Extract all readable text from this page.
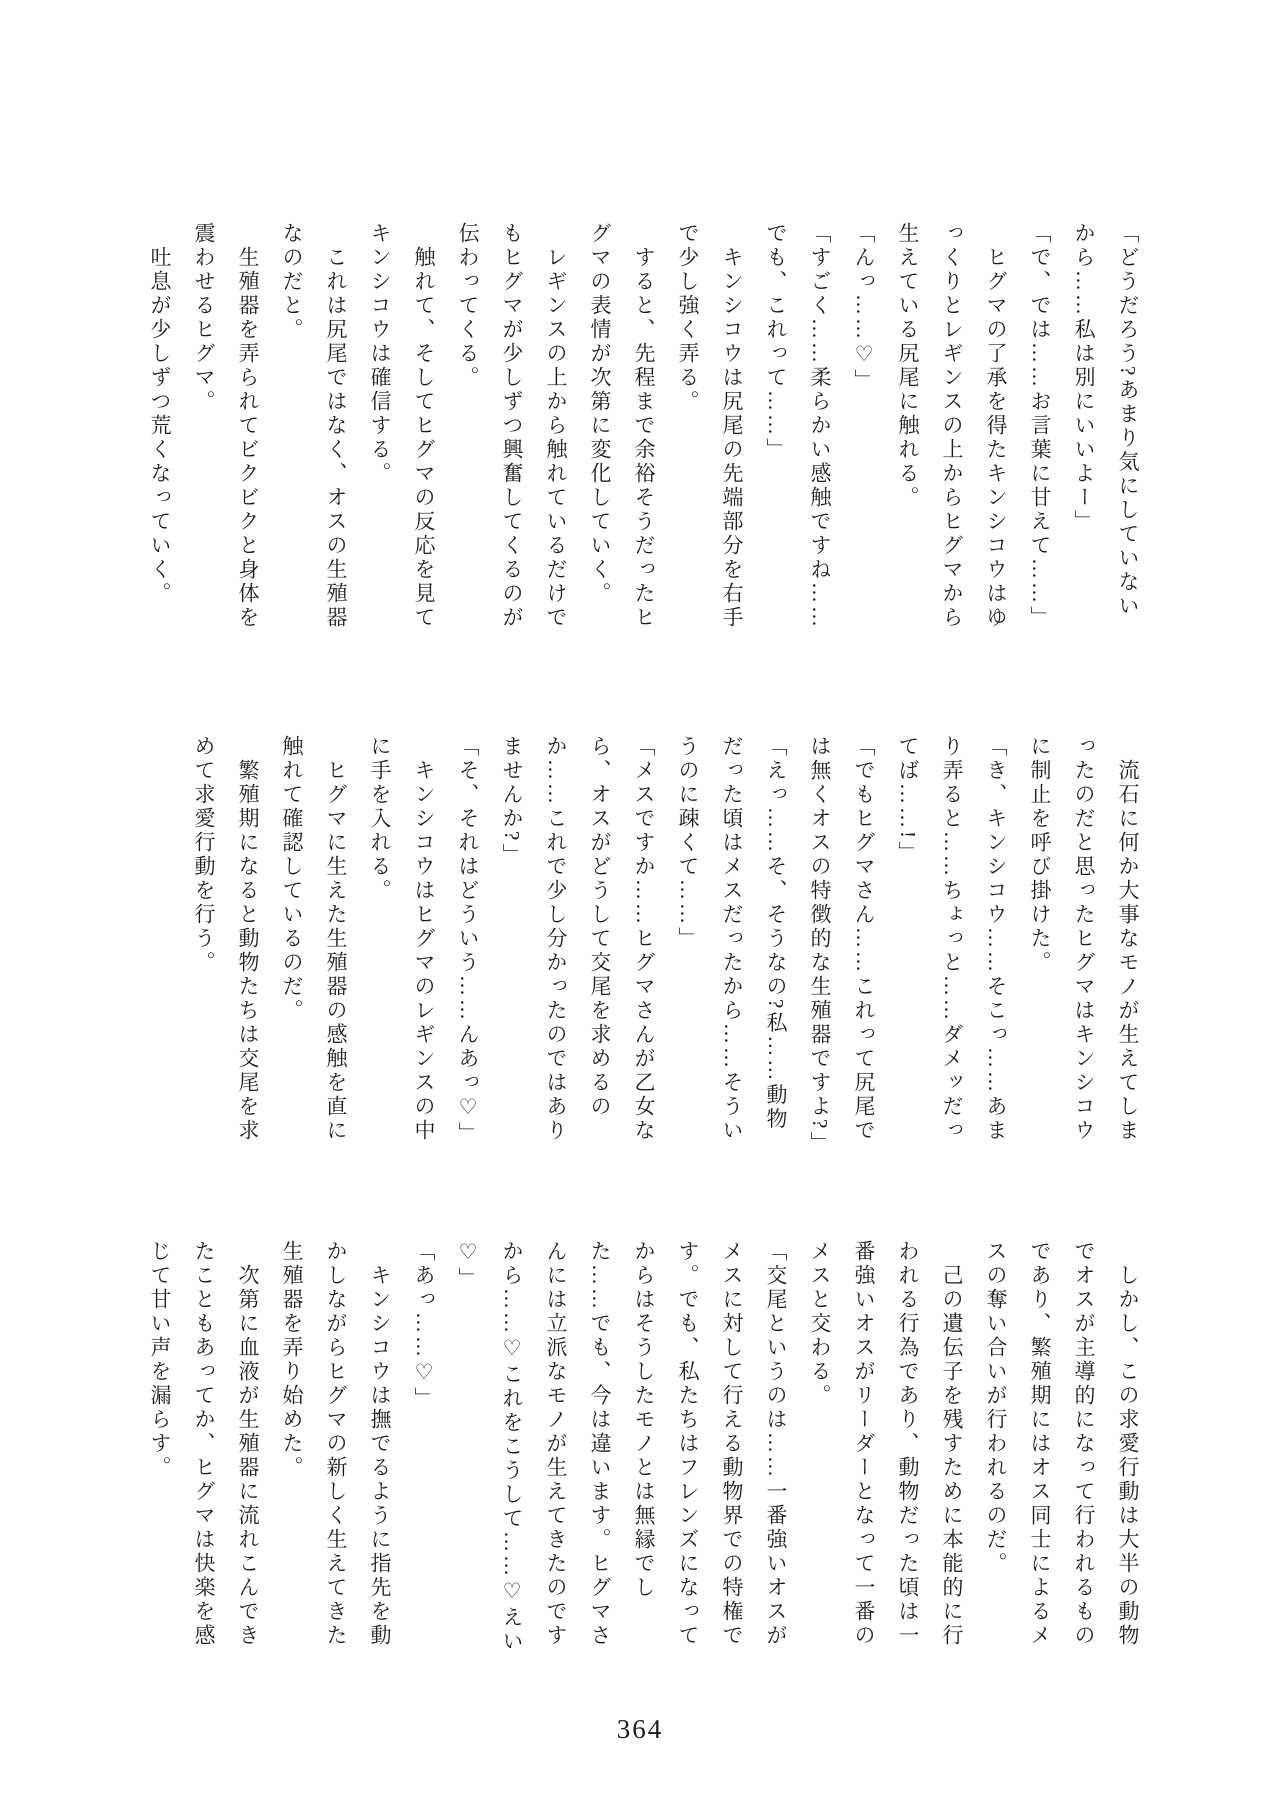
「どうだろう?あまり気にしていないから……私は別にいいよー」

「で、では……お言葉に甘えて……」

　ヒグマの了承を得たキンシコウはゆっくりとレギンスの上からヒグマから生えている尻尾に触れる。

「んっ……♡」

「すごく……柔らかい感触ですね……でも、これって……」

　キンシコウは尻尾の先端部分を右手で少し強く弄る。

　すると、先程まで余裕そうだったヒグマの表情が次第に変化していく。

　レギンスの上から触れているだけでもヒグマが少しずつ興奮してくるのが伝わってくる。

　触れて、そしてヒグマの反応を見てキンシコウは確信する。

　これは尻尾ではなく、オスの生殖器なのだと。

　生殖器を弄られてビクビクと身体を震わせるヒグマ。

　吐息が少しずつ荒くなっていく。

　流石に何か大事なモノが生えてしまったのだと思ったヒグマはキンシコウに制止を呼び掛けた。

「き、キンシコウ……そこっ……あまり弄ると……ちょっと……ダメッだってば……!」

「でもヒグマさん……これって尻尾では無くオスの特徴的な生殖器ですよ?」

「えっ……そ、そうなの?私……動物だった頃はメスだったから……そういうのに疎くて……」

「メスですか……ヒグマさんが乙女なら、オスがどうして交尾を求めるのか……これで少し分かったのではありませんか?」

「そ、それはどういう……んあっ♡」

　キンシコウはヒグマのレギンスの中に手を入れる。

　ヒグマに生えた生殖器の感触を直に触れて確認しているのだ。

　繁殖期になると動物たちは交尾を求めて求愛行動を行う。

　しかし、この求愛行動は大半の動物でオスが主導的になって行われるものであり、繁殖期にはオス同士によるメスの奪い合いが行われるのだ。

　己の遺伝子を残すために本能的に行われる行為であり、動物だった頃は一番強いオスがリーダーとなって一番のメスと交わる。

「交尾というのは……一番強いオスがメスに対して行える動物界での特権です。でも、私たちはフレンズになってからはそうしたモノとは無縁でした……でも、今は違います。ヒグマさんには立派なモノが生えてきたのですから……♡これをこうして……♡えい♡」

「あっ……♡」

　キンシコウは撫でるように指先を動かしながらヒグマの新しく生えてきた生殖器を弄り始めた。

　次第に血液が生殖器に流れこんできたこともあってか、ヒグマは快楽を感じて甘い声を漏らす。

364
